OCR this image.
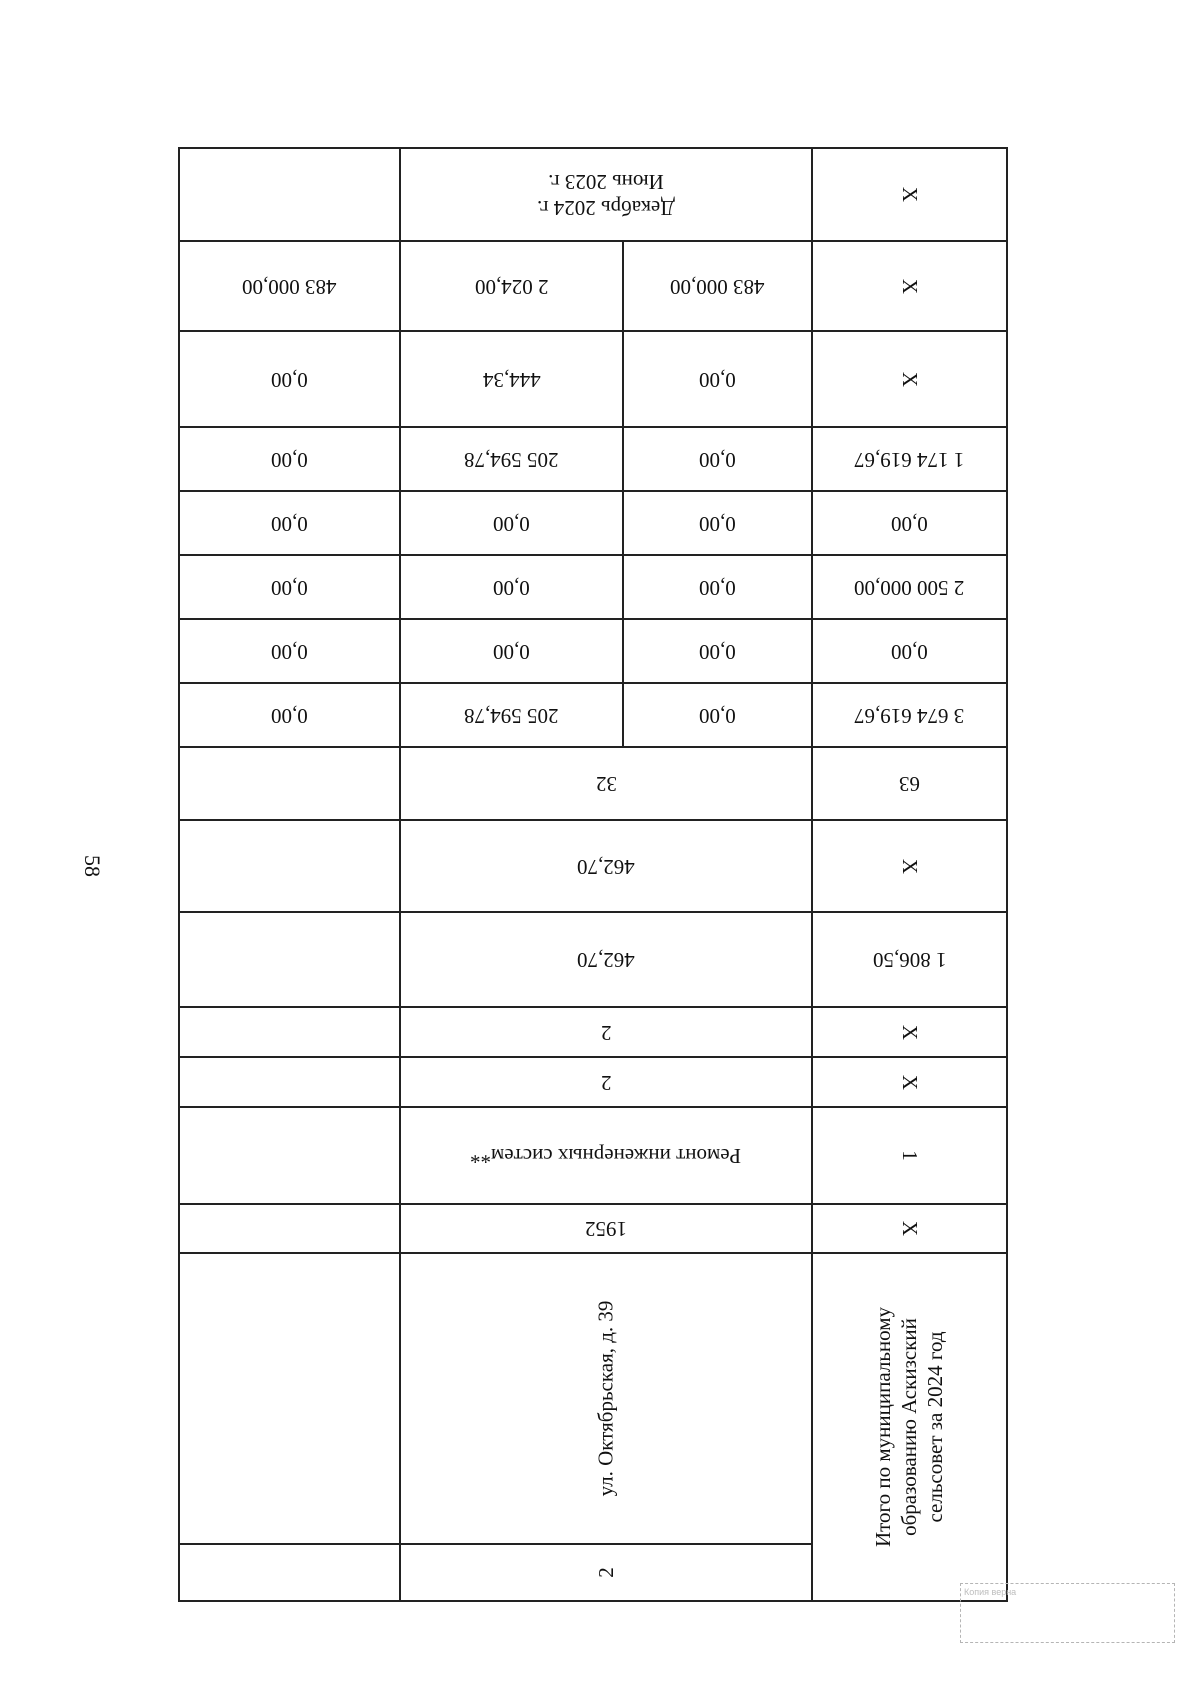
58
Х
Декабрь 2024 г.
Июнь 2023 г.
Х
483 000,00
2 024,00
483 000,00
Х
0,00
444,34
0,00
1 174 619,67
0,00
205 594,78
0,00
0,00
0,00
0,00
0,00
2 500 000,00
0,00
0,00
0,00
0,00
0,00
0,00
0,00
3 674 619,67
0,00
205 594,78
0,00
63
32
Х
462,70
1 806,50
462,70
Х
2
Х
2
1
Ремонт инженерных систем**
Х
1952
ул. Октябрьская, д. 39
2
Итого по муниципальному образованию Аскизский сельсовет за 2024 год
Копия верна
